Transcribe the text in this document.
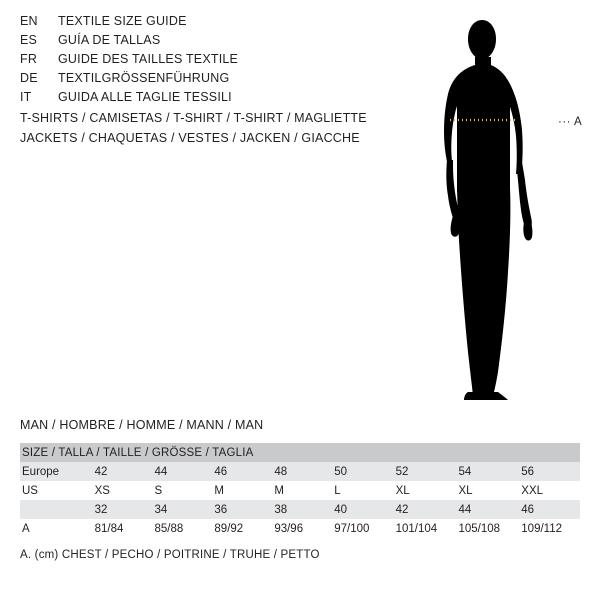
EN	TEXTILE SIZE GUIDE
ES	GUÍA DE TALLAS
FR	GUIDE DES TAILLES TEXTILE
DE	TEXTILGRÖSSENFÜHRUNG
IT	GUIDA ALLE TAGLIE TESSILI
T-SHIRTS / CAMISETAS / T-SHIRT / T-SHIRT / MAGLIETTE
JACKETS / CHAQUETAS / VESTES / JACKEN / GIACCHE
··· A
MAN / HOMBRE / HOMME / MANN / MAN
SIZE / TALLA / TAILLE / GRÖSSE / TAGLIA								
Europe	42	44	46	48	50	52	54	56
US	XS	S	M	M	L	XL	XL	XXL
	32	34	36	38	40	42	44	46
A	81/84	85/88	89/92	93/96	97/100	101/104	105/108	109/112
A. (cm) CHEST / PECHO / POITRINE / TRUHE / PETTO
